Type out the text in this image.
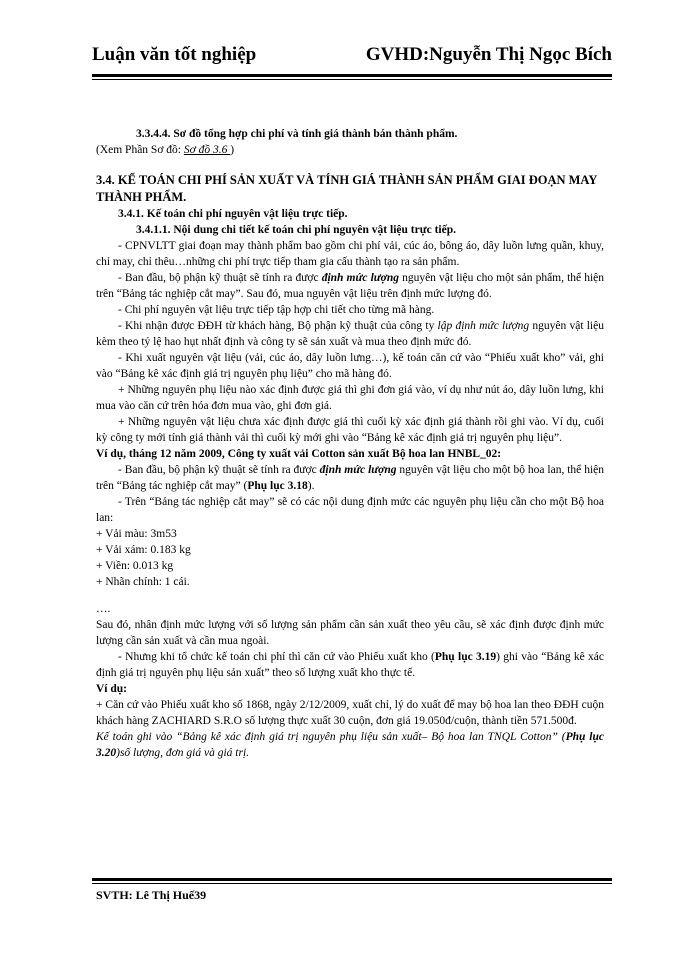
Luận văn tốt nghiệp	GVHD:Nguyễn Thị Ngọc Bích

3.3.4.4. Sơ đồ tổng hợp chi phí và tính giá thành bán thành phẩm.

(Xem Phần Sơ đồ: Sơ đồ 3.6 )

3.4. KẾ TOÁN CHI PHÍ SẢN XUẤT VÀ TÍNH GIÁ THÀNH SẢN PHẨM GIAI ĐOẠN MAY THÀNH PHẨM.

3.4.1. Kế toán chi phí nguyên vật liệu trực tiếp.

3.4.1.1. Nội dung chi tiết kế toán chi phí nguyên vật liệu trực tiếp.

- CPNVLTT giai đoạn may thành phẩm bao gồm chi phí vải, cúc áo, bông áo, dây luồn lưng quần, khuy, chỉ may, chỉ thêu…những chi phí trực tiếp tham gia cấu thành tạo ra sản phẩm.

- Ban đầu, bộ phận kỹ thuật sẽ tính ra được định mức lượng nguyên vật liệu cho một sản phẩm, thể hiện trên “Bảng tác nghiệp cắt may”. Sau đó, mua nguyên vật liệu trên định mức lượng đó.

- Chi phí nguyên vật liệu trực tiếp tập hợp chi tiết cho từng mã hàng.

- Khi nhận được ĐĐH từ khách hàng, Bộ phận kỹ thuật của công ty lập định mức lượng nguyên vật liệu kèm theo tỷ lệ hao hụt nhất định và công ty sẽ sản xuất và mua theo định mức đó.

- Khi xuất nguyên vật liệu (vải, cúc áo, dây luồn lưng…), kế toán căn cứ vào “Phiếu xuất kho” vải, ghi vào “Bảng kê xác định giá trị nguyên phụ liệu” cho mã hàng đó.

+ Những nguyên phụ liệu nào xác định được giá thì ghi đơn giá vào, ví dụ như nút áo, dây luồn lưng, khi mua vào căn cứ trên hóa đơn mua vào, ghi đơn giá.

+ Những nguyên vật liệu chưa xác định được giá thì cuối kỳ xác định giá thành rồi ghi vào. Ví dụ, cuối kỳ công ty mới tính giá thành vải thì cuối kỳ mới ghi vào “Bảng kê xác định giá trị nguyên phụ liệu”.

Ví dụ, tháng 12 năm 2009, Công ty xuất vải Cotton sản xuất Bộ hoa lan HNBL_02:

- Ban đầu, bộ phận kỹ thuật sẽ tính ra được định mức lượng nguyên vật liệu cho một bộ hoa lan, thể hiện trên “Bảng tác nghiệp cắt may” (Phụ lục 3.18).

- Trên “Bảng tác nghiệp cắt may” sẽ có các nội dung định mức các nguyên phụ liệu cần cho một Bộ hoa lan:

+ Vải màu: 3m53

+ Vải xám: 0.183 kg

+ Viền: 0.013 kg

+ Nhãn chính: 1 cái.

….

Sau đó, nhân định mức lượng với số lượng sản phẩm cần sản xuất theo yêu cầu, sẽ xác định được định mức lượng cần sản xuất và cần mua ngoài.

- Nhưng khi tổ chức kế toán chi phí thì căn cứ vào Phiếu xuất kho (Phụ lục 3.19) ghi vào “Bảng kê xác định giá trị nguyên phụ liệu sản xuất” theo số lượng xuất kho thực tế.

Ví dụ:

+ Căn cứ vào Phiếu xuất kho số 1868, ngày 2/12/2009, xuất chỉ, lý do xuất để may bộ hoa lan theo ĐĐH cuộn khách hàng ZACHIARD S.R.O số lượng thực xuất 30 cuộn, đơn giá 19.050đ/cuộn, thành tiền 571.500đ.

Kế toán ghi vào “Bảng kê xác định giá trị nguyên phụ liệu sản xuất– Bộ hoa lan TNQL Cotton” (Phụ lục 3.20)số lượng, đơn giá và giá trị.

SVTH: Lê Thị Huế39
